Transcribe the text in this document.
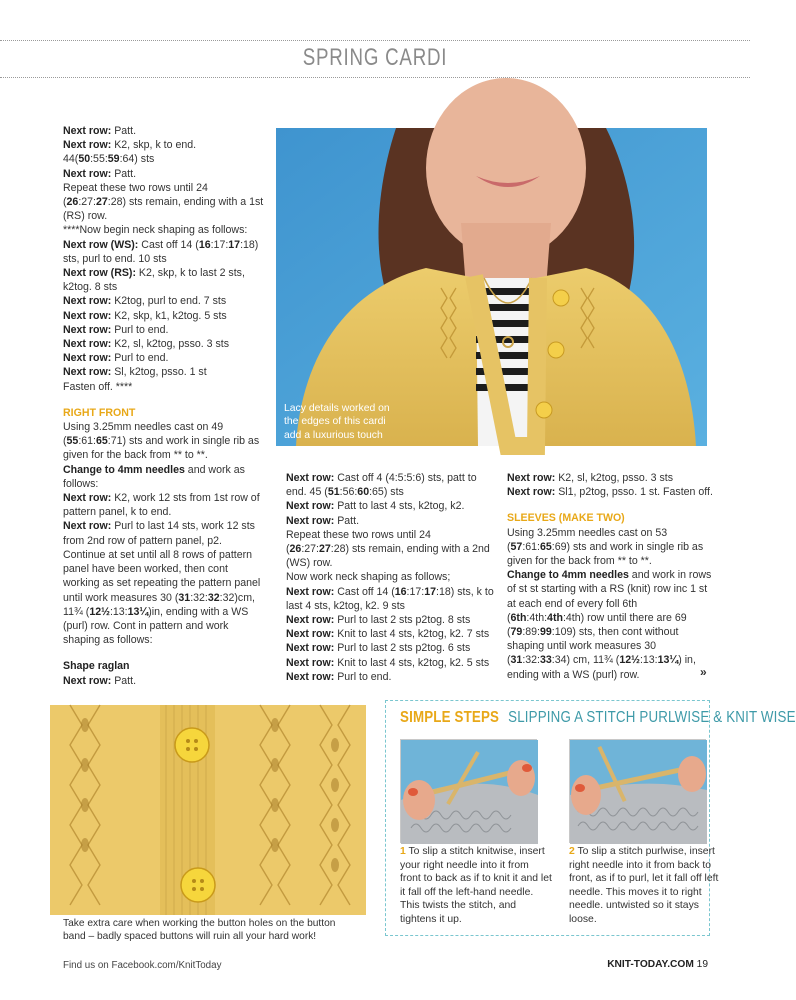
SPRING CARDI

Next row: Patt.

Next row: K2, skp, k to end.

44(50:55:59:64) sts

Next row: Patt.

Repeat these two rows until 24

(26:27:27:28) sts remain, ending with a 1st

(RS) row.

****Now begin neck shaping as follows:

Next row (WS): Cast off 14 (16:17:17:18)

sts, purl to end. 10 sts

Next row (RS): K2, skp, k to last 2 sts,

k2tog. 8 sts

Next row: K2tog, purl to end. 7 sts

Next row: K2, skp, k1, k2tog. 5 sts

Next row: Purl to end.

Next row: K2, sl, k2tog, psso. 3 sts

Next row: Purl to end.

Next row: Sl, k2tog, psso. 1 st

Fasten off. ****

RIGHT FRONT

Using 3.25mm needles cast on 49

(55:61:65:71) sts and work in single rib as

given for the back from ** to **.

Change to 4mm needles and work as

follows:

Next row: K2, work 12 sts from 1st row of

pattern panel, k to end.

Next row: Purl to last 14 sts, work 12 sts

from 2nd row of pattern panel, p2.

Continue at set until all 8 rows of pattern

panel have been worked, then cont

working as set repeating the pattern panel

until work measures 30 (31:32:32:32)cm,

11¾ (12½:13:13¼)in, ending with a WS

(purl) row. Cont in pattern and work

shaping as follows:

Shape raglan

Next row: Patt.

Next row: Cast off 4 (4:5:5:6) sts, patt to

end. 45 (51:56:60:65) sts

Next row: Patt to last 4 sts, k2tog, k2.

Next row: Patt.

Repeat these two rows until 24

(26:27:27:28) sts remain, ending with a 2nd

(WS) row.

Now work neck shaping as follows;

Next row: Cast off 14 (16:17:17:18) sts, k to

last 4 sts, k2tog, k2. 9 sts

Next row: Purl to last 2 sts p2tog. 8 sts

Next row: Knit to last 4 sts, k2tog, k2. 7 sts

Next row: Purl to last 2 sts p2tog. 6 sts

Next row: Knit to last 4 sts, k2tog, k2. 5 sts

Next row: Purl to end.

Next row: K2, sl, k2tog, psso. 3 sts

Next row: Sl1, p2tog, psso. 1 st. Fasten off.

SLEEVES (MAKE TWO)

Using 3.25mm needles cast on 53

(57:61:65:69) sts and work in single rib as

given for the back from ** to **.

Change to 4mm needles and work in rows

of st st starting with a RS (knit) row inc 1 st

at each end of every foll 6th

(6th:4th:4th:4th) row until there are 69

(79:89:99:109) sts, then cont without

shaping until work measures 30

(31:32:33:34) cm, 11¾ (12½:13:13¼) in,

ending with a WS (purl) row.	»
Lacy details worked on
the edges of this cardi
add a luxurious touch
Take extra care when working the button holes on the button band – badly spaced buttons will ruin all your hard work!
SIMPLE STEPS SLIPPING A STITCH PURLWISE & KNIT WISE
1 To slip a stitch knitwise, insert your right needle into it from front to back as if to knit it and let it fall off the left-hand needle. This twists the stitch, and tightens it up.
2 To slip a stitch purlwise, insert right needle into it from back to front, as if to purl, let it fall off left needle. This moves it to right needle. untwisted so it stays loose.
Find us on Facebook.com/KnitToday	KNIT-TODAY.COM 19
